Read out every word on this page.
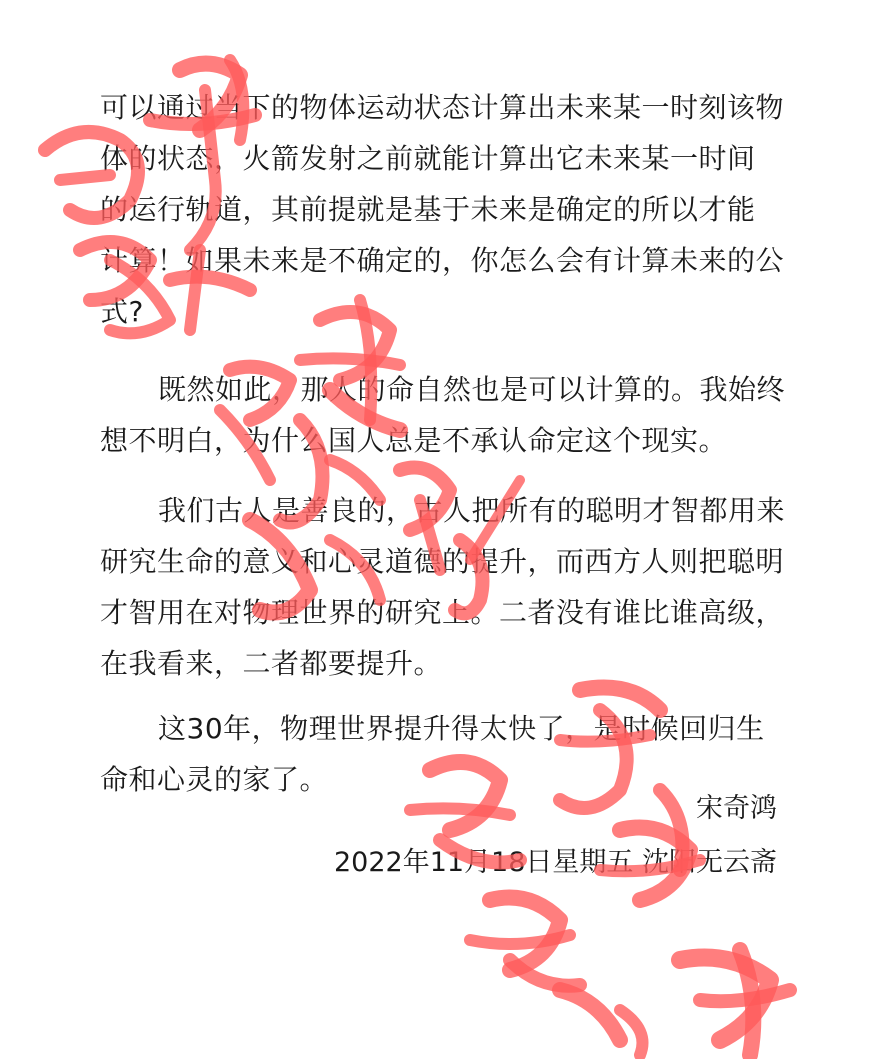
可以通过当下的物体运动状态计算出未来某一时刻该物
体的状态，火箭发射之前就能计算出它未来某一时间
的运行轨道，其前提就是基于未来是确定的所以才能
计算！如果未来是不确定的，你怎么会有计算未来的公
式?
既然如此，那人的命自然也是可以计算的。我始终
想不明白，为什么国人总是不承认命定这个现实。
我们古人是善良的，古人把所有的聪明才智都用来
研究生命的意义和心灵道德的提升，而西方人则把聪明
才智用在对物理世界的研究上。二者没有谁比谁高级，
在我看来，二者都要提升。
这30年，物理世界提升得太快了，是时候回归生
命和心灵的家了。
宋奇鸿
2022年11月18日星期五 沈阳无云斋
